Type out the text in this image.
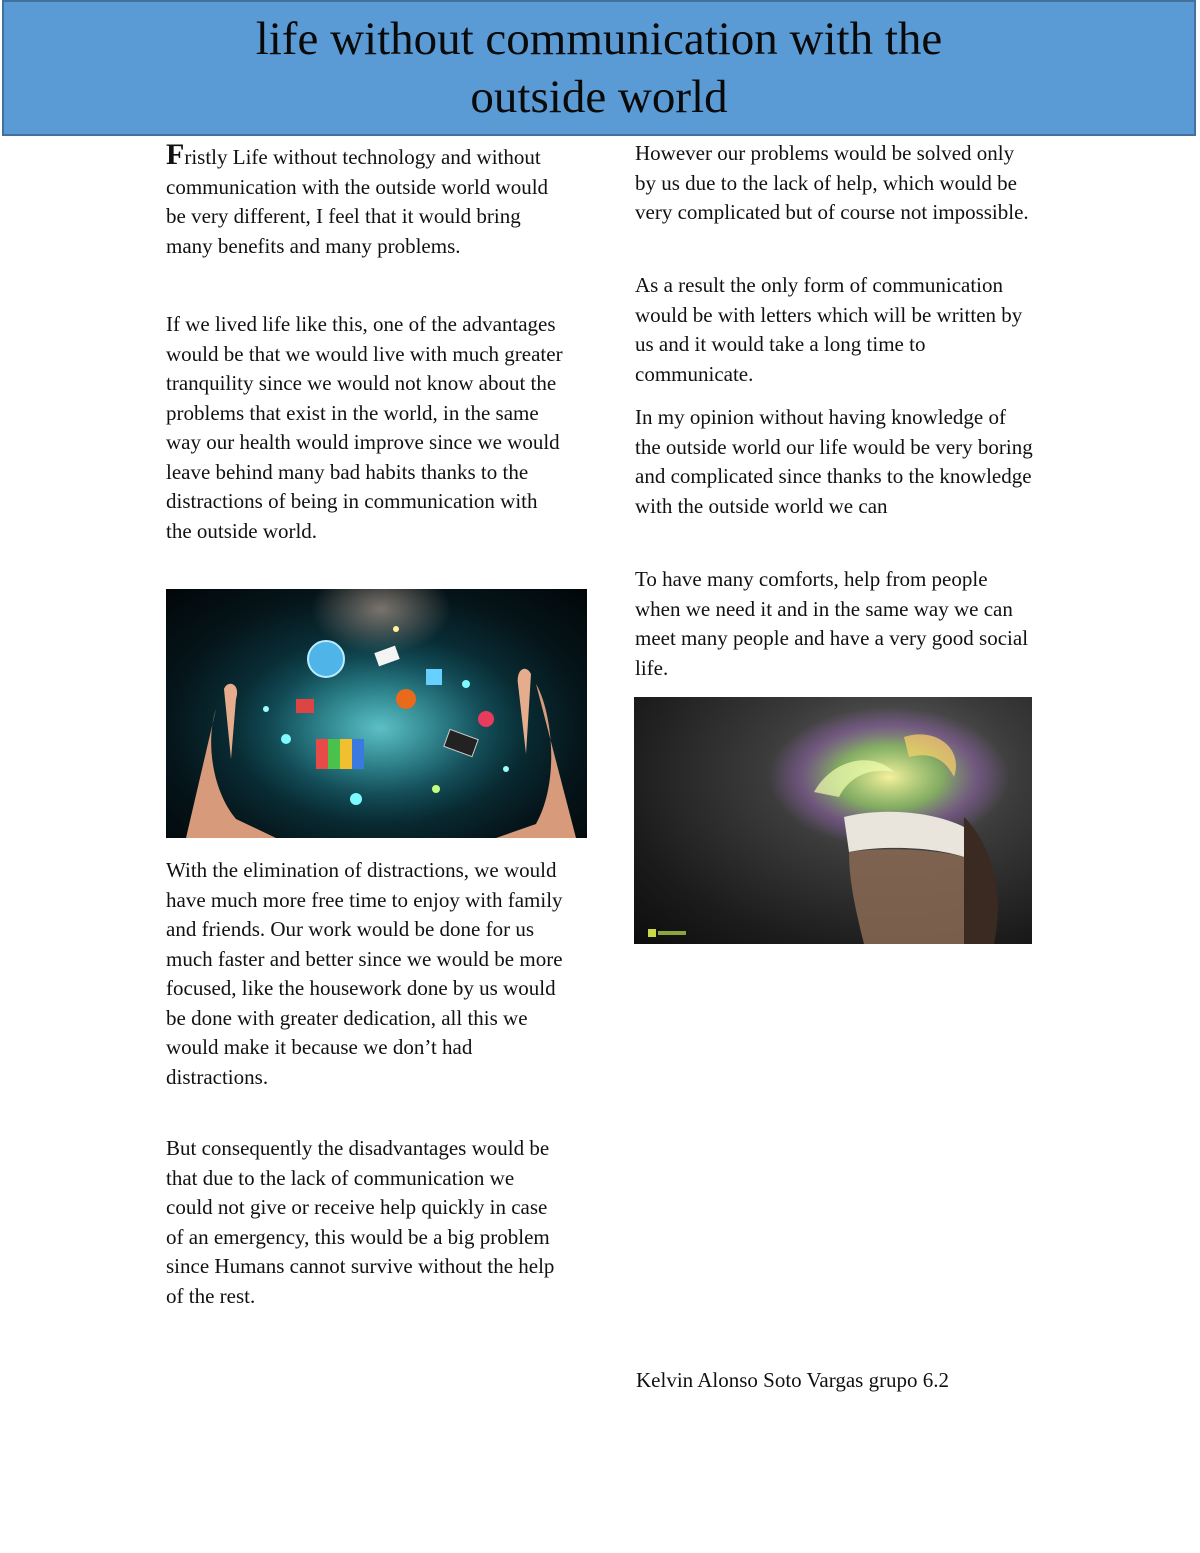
life without communication with the outside world

Fristly Life without technology and without communication with the outside world would be very different, I feel that it would bring many benefits and many problems.

If we lived life like this, one of the advantages would be that we would live with much greater tranquility since we would not know about the problems that exist in the world, in the same way our health would improve since we would leave behind many bad habits thanks to the distractions of being in communication with the outside world.

With the elimination of distractions, we would have much more free time to enjoy with family and friends. Our work would be done for us much faster and better since we would be more focused, like the housework done by us would be done with greater dedication, all this we would make it because we don’t had distractions.

But consequently the disadvantages would be that due to the lack of communication we could not give or receive help quickly in case of an emergency, this would be a big problem since Humans cannot survive without the help of the rest.

However our problems would be solved only by us due to the lack of help, which would be very complicated but of course not impossible.

As a result the only form of communication would be with letters which will be written by us and it would take a long time to communicate.

In my opinion without having knowledge of the outside world our life would be very boring and complicated since thanks to the knowledge with the outside world we can

To have many comforts, help from people when we need it and in the same way we can meet many people and have a very good social life.

Kelvin Alonso Soto Vargas grupo 6.2
